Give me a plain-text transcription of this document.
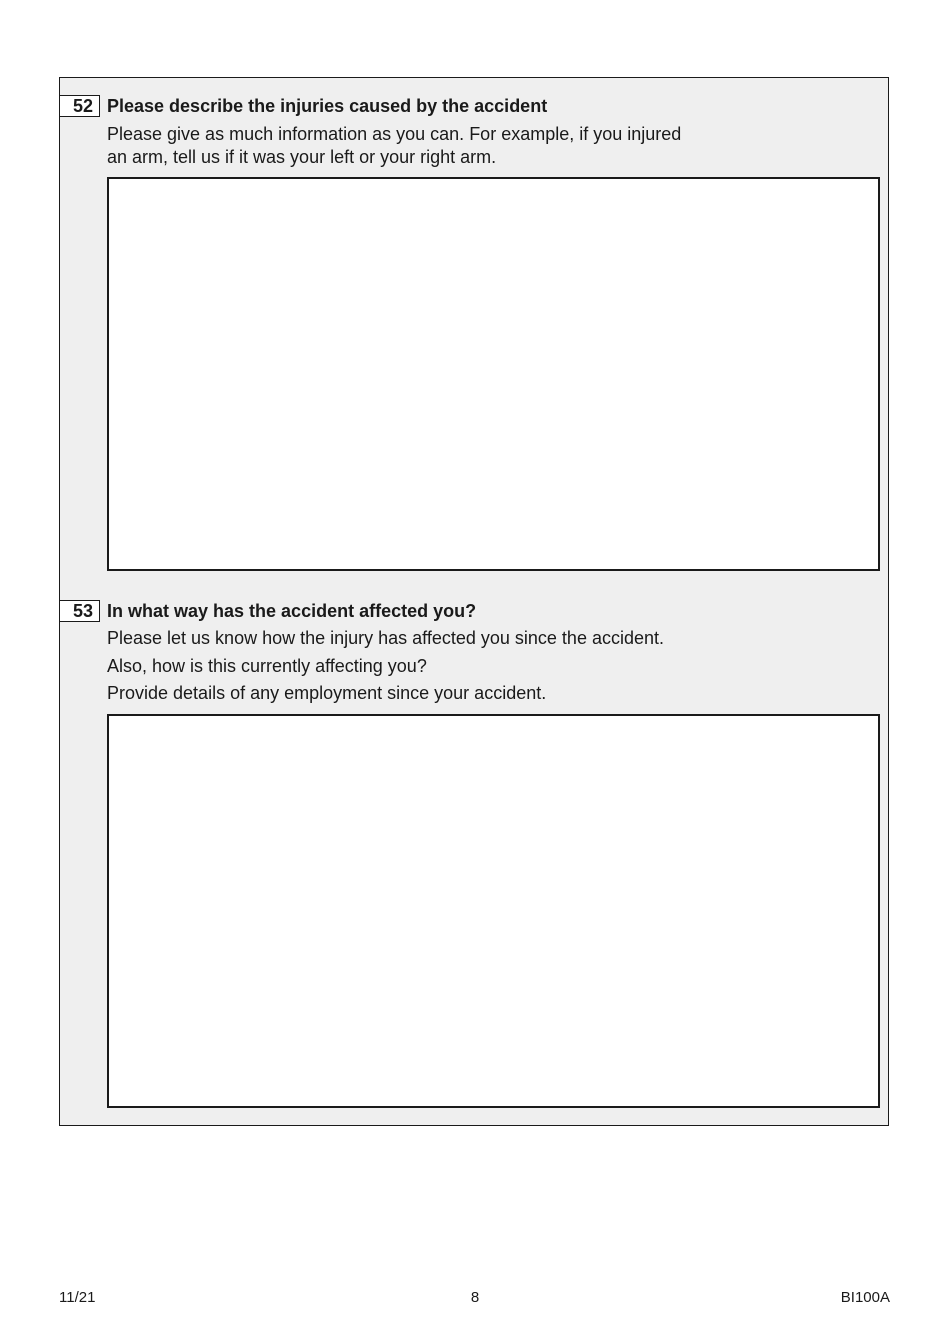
52 Please describe the injuries caused by the accident
Please give as much information as you can. For example, if you injured
an arm, tell us if it was your left or your right arm.
53 In what way has the accident affected you?
Please let us know how the injury has affected you since the accident.
Also, how is this currently affecting you?
Provide details of any employment since your accident.
11/21	8	BI100A
